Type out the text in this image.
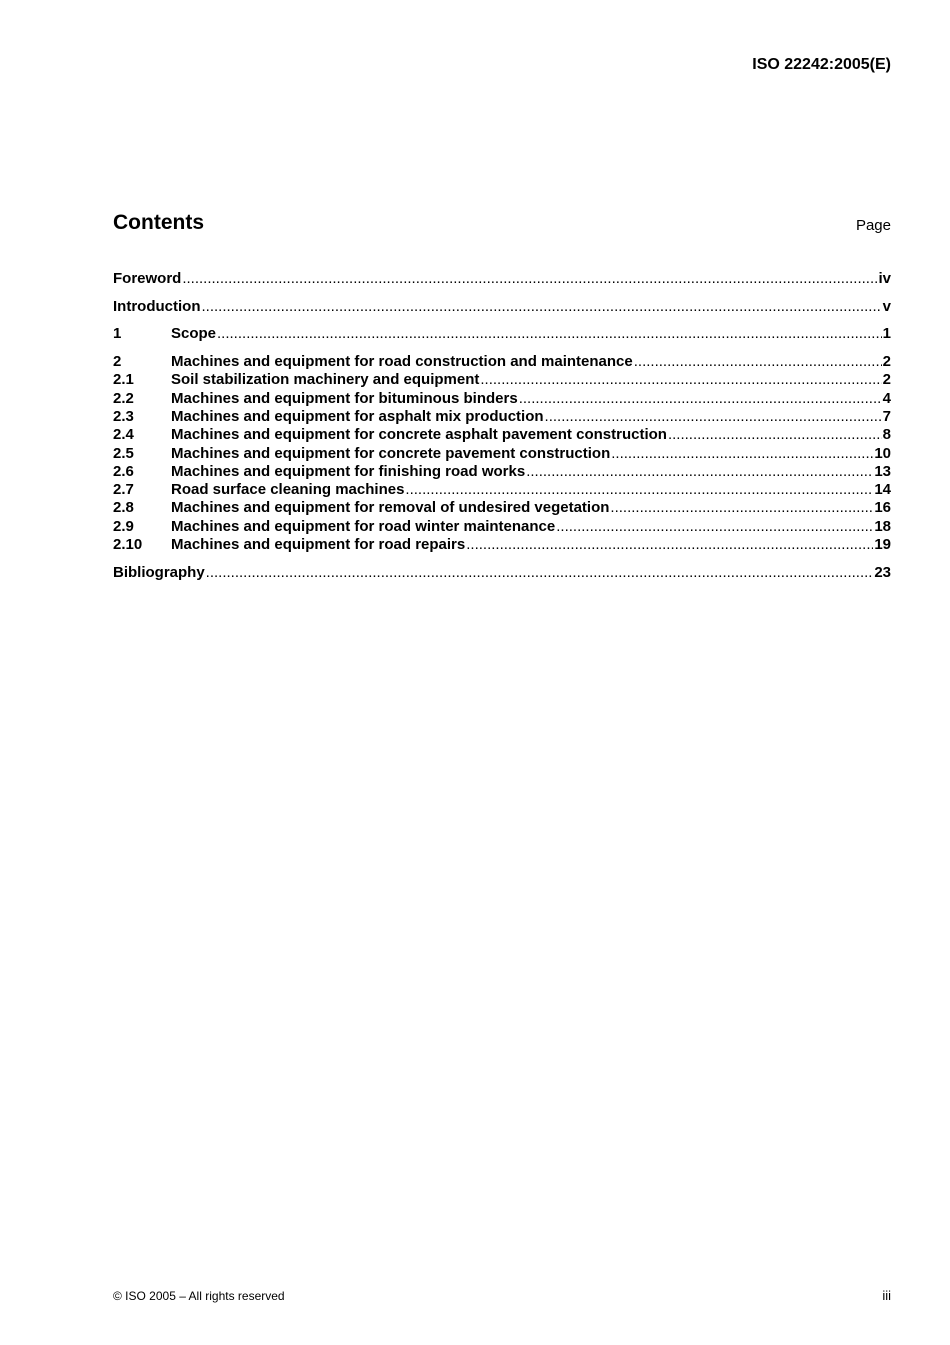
ISO 22242:2005(E)
Contents	Page
Foreword .....	iv
Introduction .....	v
1	Scope .....	1
2	Machines and equipment for road construction and maintenance .....	2
2.1	Soil stabilization machinery and equipment .....	2
2.2	Machines and equipment for bituminous binders .....	4
2.3	Machines and equipment for asphalt mix production .....	7
2.4	Machines and equipment for concrete asphalt pavement construction .....	8
2.5	Machines and equipment for concrete pavement construction .....	10
2.6	Machines and equipment for finishing road works .....	13
2.7	Road surface cleaning machines .....	14
2.8	Machines and equipment for removal of undesired vegetation .....	16
2.9	Machines and equipment for road winter maintenance .....	18
2.10	Machines and equipment for road repairs .....	19
Bibliography .....	23
© ISO 2005 – All rights reserved	iii
